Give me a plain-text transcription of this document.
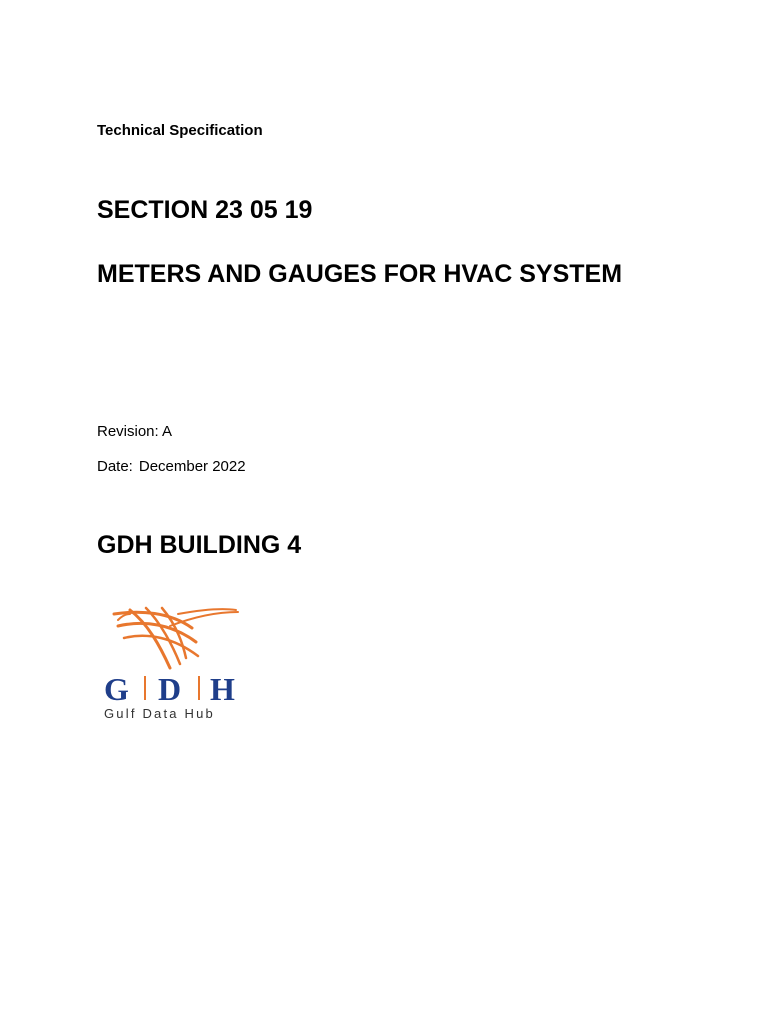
Technical Specification

SECTION 23 05 19
METERS AND GAUGES FOR HVAC SYSTEM

Revision: A

Date: December 2022

GDH BUILDING 4
G D H
Gulf Data Hub
